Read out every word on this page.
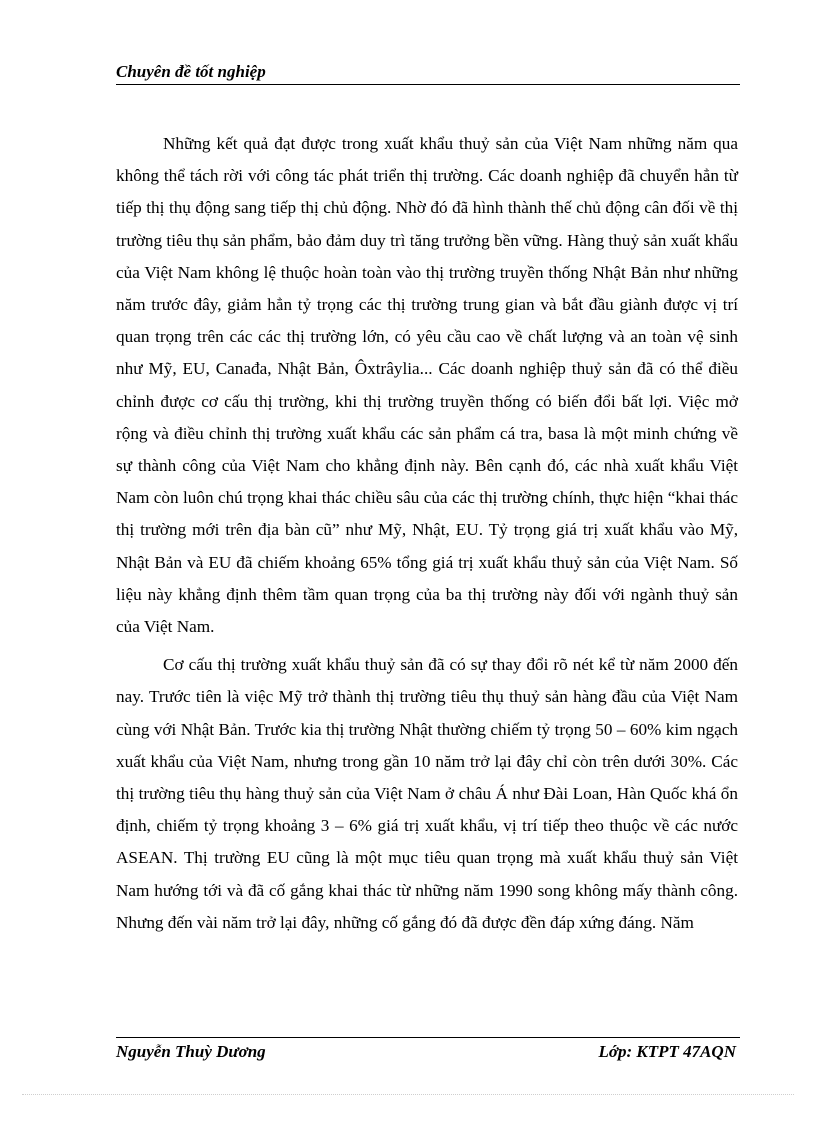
Chuyên đề tốt nghiệp

Những kết quả đạt được trong xuất khẩu thuỷ sản của Việt Nam những năm qua không thể tách rời với công tác phát triển thị trường. Các doanh nghiệp đã chuyển hẳn từ tiếp thị thụ động sang tiếp thị chủ động. Nhờ đó đã hình thành thế chủ động cân đối về thị trường tiêu thụ sản phẩm, bảo đảm duy trì tăng trưởng bền vững. Hàng thuỷ sản xuất khẩu của Việt Nam không lệ thuộc hoàn toàn vào thị trường truyền thống Nhật Bản như những năm trước đây, giảm hẳn tỷ trọng các thị trường trung gian và bắt đầu giành được vị trí quan trọng trên các các thị trường lớn, có yêu cầu cao về chất lượng và an toàn vệ sinh như Mỹ, EU, Canađa, Nhật Bản, Ôxtrâylia... Các doanh nghiệp thuỷ sản đã có thể điều chỉnh được cơ cấu thị trường, khi thị trường truyền thống có biến đổi bất lợi. Việc mở rộng và điều chỉnh thị trường xuất khẩu các sản phẩm cá tra, basa là một minh chứng về sự thành công của Việt Nam cho khẳng định này. Bên cạnh đó, các nhà xuất khẩu Việt Nam còn luôn chú trọng khai thác chiều sâu của các thị trường chính, thực hiện “khai thác thị trường mới trên địa bàn cũ” như Mỹ, Nhật, EU. Tỷ trọng giá trị xuất khẩu vào Mỹ, Nhật Bản và EU đã chiếm khoảng 65% tổng giá trị xuất khẩu thuỷ sản của Việt Nam. Số liệu này khẳng định thêm tầm quan trọng của ba thị trường này đối với ngành thuỷ sản của Việt Nam.

Cơ cấu thị trường xuất khẩu thuỷ sản đã có sự thay đổi rõ nét kể từ năm 2000 đến nay. Trước tiên là việc Mỹ trở thành thị trường tiêu thụ thuỷ sản hàng đầu của Việt Nam cùng với Nhật Bản. Trước kia thị trường Nhật thường chiếm tỷ trọng 50 – 60% kim ngạch xuất khẩu của Việt Nam, nhưng trong gần 10 năm trở lại đây chỉ còn trên dưới 30%. Các thị trường tiêu thụ hàng thuỷ sản của Việt Nam ở châu Á như Đài Loan, Hàn Quốc khá ổn định, chiếm tỷ trọng khoảng 3 – 6% giá trị xuất khẩu, vị trí tiếp theo thuộc về các nước ASEAN. Thị trường EU cũng là một mục tiêu quan trọng mà xuất khẩu thuỷ sản Việt Nam hướng tới và đã cố gắng khai thác từ những năm 1990 song không mấy thành công. Nhưng đến vài năm trở lại đây, những cố gắng đó đã được đền đáp xứng đáng. Năm

Nguyễn Thuỳ Dương	Lớp: KTPT 47AQN
